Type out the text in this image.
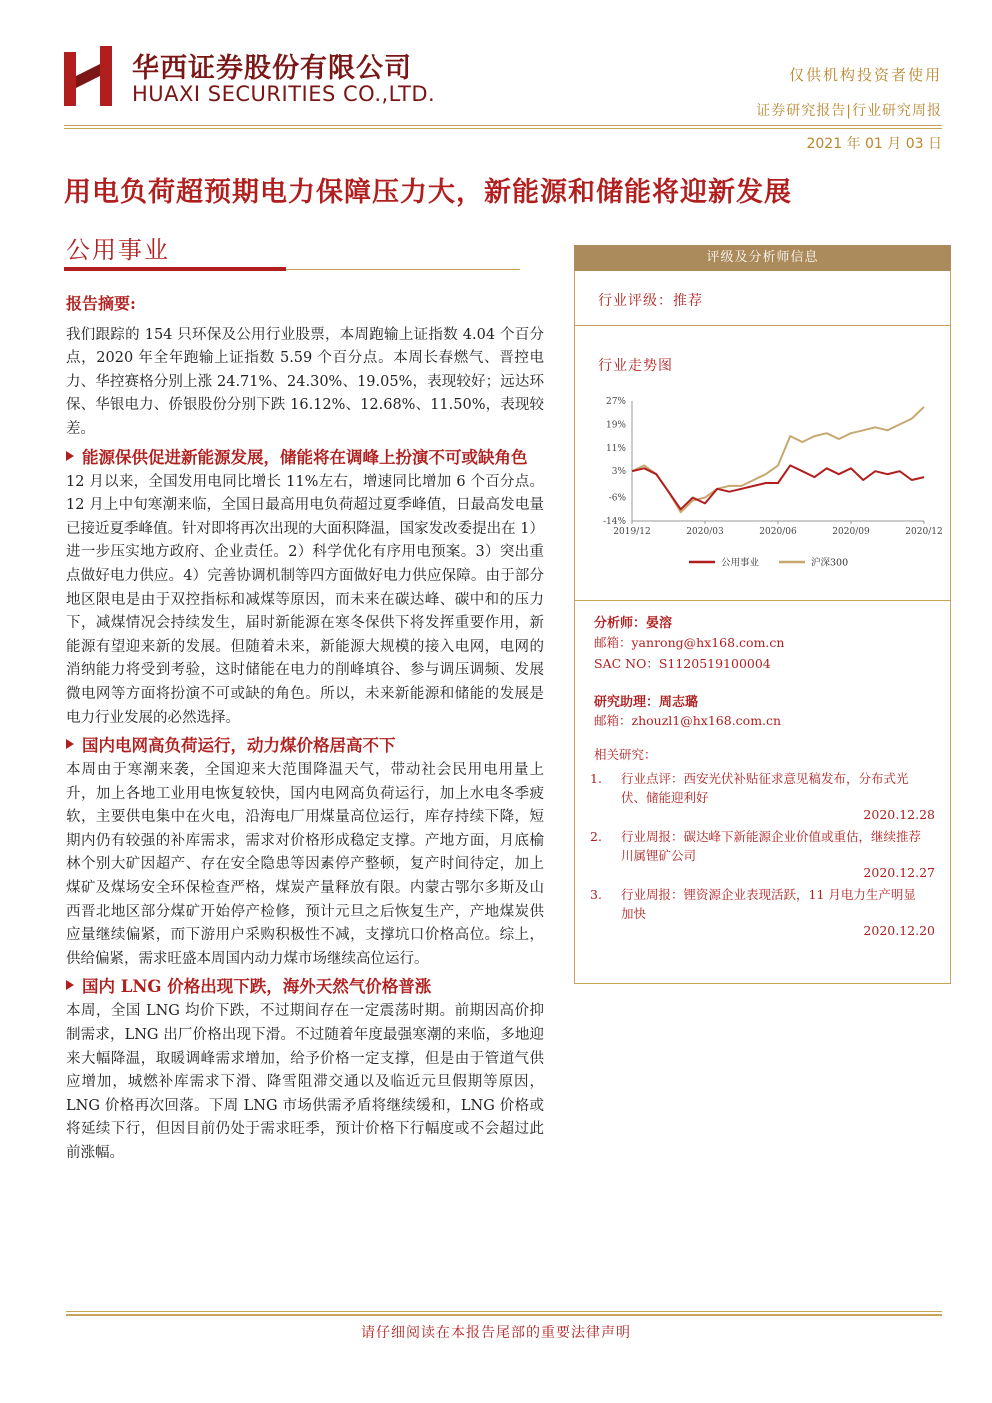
华西证券股份有限公司
HUAXI SECURITIES CO.,LTD.
仅供机构投资者使用
证券研究报告|行业研究周报
2021 年 01 月 03 日
用电负荷超预期电力保障压力大，新能源和储能将迎新发展
公用事业

报告摘要:

我们跟踪的 154 只环保及公用行业股票，本周跑输上证指数 4.04 个百分点，2020 年全年跑输上证指数 5.59 个百分点。本周长春燃气、晋控电力、华控赛格分别上涨 24.71%、24.30%、19.05%，表现较好；远达环保、华银电力、侨银股份分别下跌 16.12%、12.68%、11.50%，表现较差。

能源保供促进新能源发展，储能将在调峰上扮演不可或缺角色

12 月以来，全国发用电同比增长 11%左右，增速同比增加 6 个百分点。12 月上中旬寒潮来临，全国日最高用电负荷超过夏季峰值，日最高发电量已接近夏季峰值。针对即将再次出现的大面积降温，国家发改委提出在 1）进一步压实地方政府、企业责任。2）科学优化有序用电预案。3）突出重点做好电力供应。4）完善协调机制等四方面做好电力供应保障。由于部分地区限电是由于双控指标和减煤等原因，而未来在碳达峰、碳中和的压力下，减煤情况会持续发生，届时新能源在寒冬保供下将发挥重要作用，新能源有望迎来新的发展。但随着未来，新能源大规模的接入电网，电网的消纳能力将受到考验，这时储能在电力的削峰填谷、参与调压调频、发展微电网等方面将扮演不可或缺的角色。所以，未来新能源和储能的发展是电力行业发展的必然选择。

国内电网高负荷运行，动力煤价格居高不下

本周由于寒潮来袭，全国迎来大范围降温天气，带动社会民用电用量上升，加上各地工业用电恢复较快，国内电网高负荷运行，加上水电冬季疲软，主要供电集中在火电，沿海电厂用煤量高位运行，库存持续下降，短期内仍有较强的补库需求，需求对价格形成稳定支撑。产地方面，月底榆林个别大矿因超产、存在安全隐患等因素停产整顿，复产时间待定，加上煤矿及煤场安全环保检查严格，煤炭产量释放有限。内蒙古鄂尔多斯及山西晋北地区部分煤矿开始停产检修，预计元旦之后恢复生产，产地煤炭供应量继续偏紧，而下游用户采购积极性不减，支撑坑口价格高位。综上，供给偏紧，需求旺盛本周国内动力煤市场继续高位运行。

国内 LNG 价格出现下跌，海外天然气价格普涨

本周，全国 LNG 均价下跌，不过期间存在一定震荡时期。前期因高价抑制需求，LNG 出厂价格出现下滑。不过随着年度最强寒潮的来临，多地迎来大幅降温，取暖调峰需求增加，给予价格一定支撑，但是由于管道气供应增加，城燃补库需求下滑、降雪阻滞交通以及临近元旦假期等原因，LNG 价格再次回落。下周 LNG 市场供需矛盾将继续缓和，LNG 价格或将延续下行，但因目前仍处于需求旺季，预计价格下行幅度或不会超过此前涨幅。

评级及分析师信息
行业评级：推荐
行业走势图
27%
19%
11%
3%
-6%
-14%
2019/12	2020/03	2020/06	2020/09	2020/12
公用事业	沪深300
分析师：晏溶
邮箱：yanrong@hx168.com.cn
SAC NO：S1120519100004
研究助理：周志璐
邮箱：zhouzl1@hx168.com.cn
相关研究：
1. 行业点评：西安光伏补贴征求意见稿发布，分布式光伏、储能迎利好
2020.12.28
2. 行业周报：碳达峰下新能源企业价值或重估，继续推荐川属锂矿公司
2020.12.27
3. 行业周报：锂资源企业表现活跃，11 月电力生产明显加快
2020.12.20
请仔细阅读在本报告尾部的重要法律声明
